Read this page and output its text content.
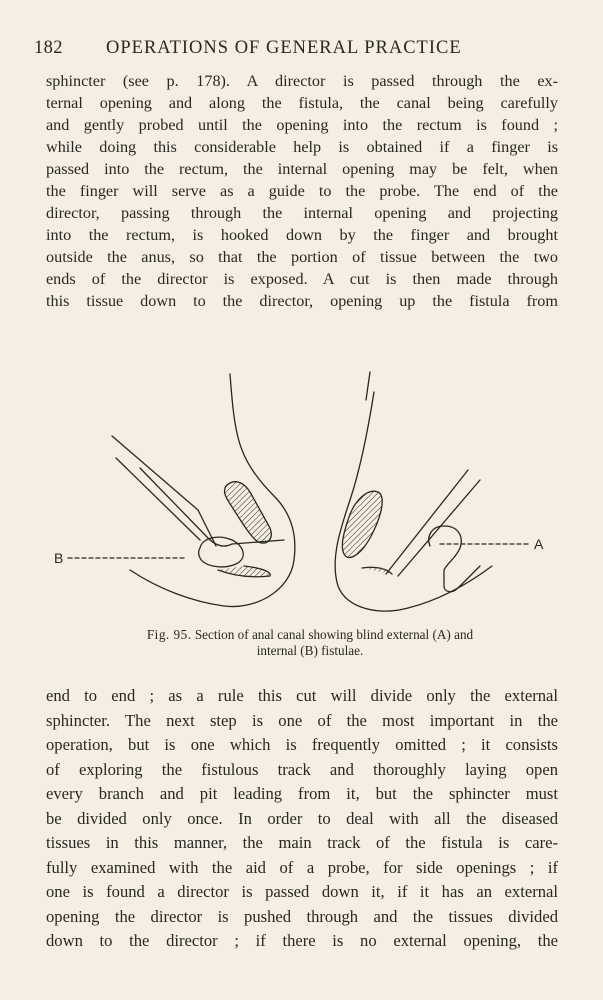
182 OPERATIONS OF GENERAL PRACTICE
sphincter (see p. 178). A director is passed through the ex-
ternal opening and along the fistula, the canal being carefully
and gently probed until the opening into the rectum is found ;
while doing this considerable help is obtained if a finger is
passed into the rectum, the internal opening may be felt, when
the finger will serve as a guide to the probe. The end of the
director, passing through the internal opening and projecting
into the rectum, is hooked down by the finger and brought
outside the anus, so that the portion of tissue between the two
ends of the director is exposed. A cut is then made through
this tissue down to the director, opening up the fistula from
B
A
Fig. 95. Section of anal canal showing blind external (A) and
internal (B) fistulae.
end to end ; as a rule this cut will divide only the external
sphincter. The next step is one of the most important in the
operation, but is one which is frequently omitted ; it consists
of exploring the fistulous track and thoroughly laying open
every branch and pit leading from it, but the sphincter must
be divided only once. In order to deal with all the diseased
tissues in this manner, the main track of the fistula is care-
fully examined with the aid of a probe, for side openings ; if
one is found a director is passed down it, if it has an external
opening the director is pushed through and the tissues divided
down to the director ; if there is no external opening, the
